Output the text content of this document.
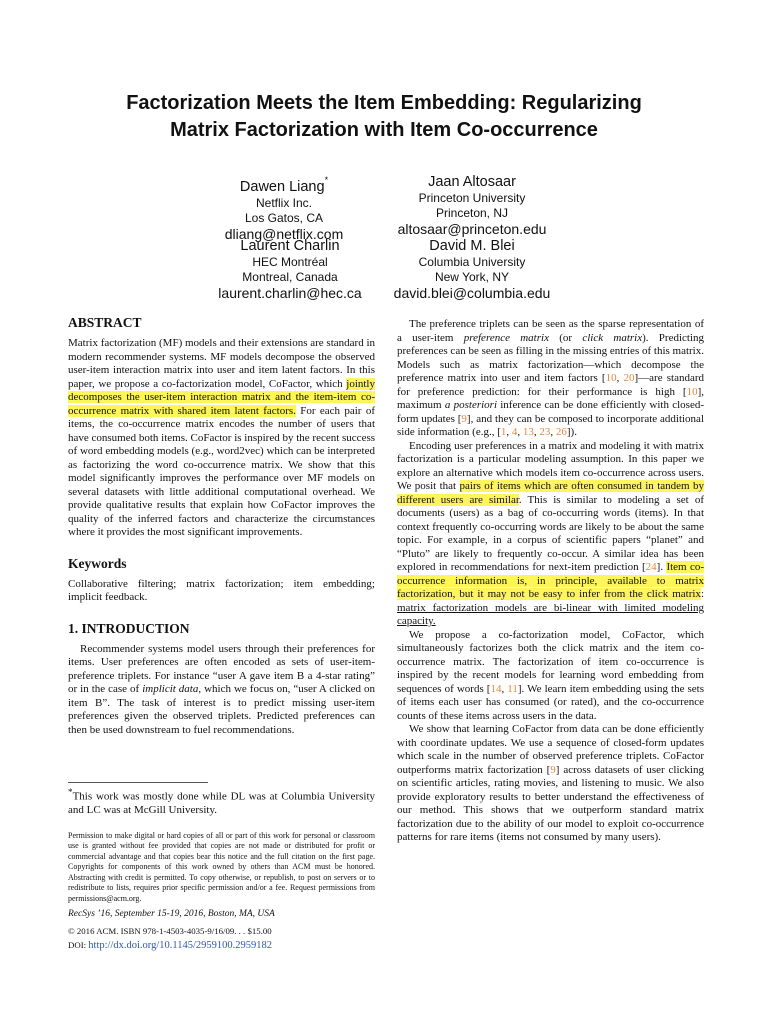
Factorization Meets the Item Embedding: Regularizing
Matrix Factorization with Item Co-occurrence
Dawen Liang*
Netflix Inc.
Los Gatos, CA
dliang@netflix.com
Jaan Altosaar
Princeton University
Princeton, NJ
altosaar@princeton.edu
Laurent Charlin
HEC Montréal
Montreal, Canada
laurent.charlin@hec.ca
David M. Blei
Columbia University
New York, NY
david.blei@columbia.edu

ABSTRACT

Matrix factorization (MF) models and their extensions are standard in modern recommender systems. MF models decompose the observed user-item interaction matrix into user and item latent factors. In this paper, we propose a co-factorization model, CoFactor, which jointly decomposes the user-item interaction matrix and the item-item co-occurrence matrix with shared item latent factors. For each pair of items, the co-occurrence matrix encodes the number of users that have consumed both items. CoFactor is inspired by the recent success of word embedding models (e.g., word2vec) which can be interpreted as factorizing the word co-occurrence matrix. We show that this model significantly improves the performance over MF models on several datasets with little additional computational overhead. We provide qualitative results that explain how CoFactor improves the quality of the inferred factors and characterize the circumstances where it provides the most significant improvements.

Keywords

Collaborative filtering; matrix factorization; item embedding; implicit feedback.

1. INTRODUCTION

Recommender systems model users through their preferences for items. User preferences are often encoded as sets of user-item-preference triplets. For instance “user A gave item B a 4-star rating” or in the case of implicit data, which we focus on, “user A clicked on item B”. The task of interest is to predict missing user-item preferences given the observed triplets. Predicted preferences can then be used downstream to fuel recommendations.

*This work was mostly done while DL was at Columbia University and LC was at McGill University.

Permission to make digital or hard copies of all or part of this work for personal or classroom use is granted without fee provided that copies are not made or distributed for profit or commercial advantage and that copies bear this notice and the full citation on the first page. Copyrights for components of this work owned by others than ACM must be honored. Abstracting with credit is permitted. To copy otherwise, or republish, to post on servers or to redistribute to lists, requires prior specific permission and/or a fee. Request permissions from permissions@acm.org.

RecSys ’16, September 15-19, 2016, Boston, MA, USA

© 2016 ACM. ISBN 978-1-4503-4035-9/16/09. . . $15.00

DOI: http://dx.doi.org/10.1145/2959100.2959182

The preference triplets can be seen as the sparse representation of a user-item preference matrix (or click matrix). Predicting preferences can be seen as filling in the missing entries of this matrix. Models such as matrix factorization—which decompose the preference matrix into user and item factors [10, 20]—are standard for preference prediction: for their performance is high [10], maximum a posteriori inference can be done efficiently with closed-form updates [9], and they can be composed to incorporate additional side information (e.g., [1, 4, 13, 23, 26]).

Encoding user preferences in a matrix and modeling it with matrix factorization is a particular modeling assumption. In this paper we explore an alternative which models item co-occurrence across users. We posit that pairs of items which are often consumed in tandem by different users are similar. This is similar to modeling a set of documents (users) as a bag of co-occurring words (items). In that context frequently co-occurring words are likely to be about the same topic. For example, in a corpus of scientific papers “planet” and “Pluto” are likely to frequently co-occur. A similar idea has been explored in recommendations for next-item prediction [24]. Item co-occurrence information is, in principle, available to matrix factorization, but it may not be easy to infer from the click matrix: matrix factorization models are bi-linear with limited modeling capacity.

We propose a co-factorization model, CoFactor, which simultaneously factorizes both the click matrix and the item co-occurrence matrix. The factorization of item co-occurrence is inspired by the recent models for learning word embedding from sequences of words [14, 11]. We learn item embedding using the sets of items each user has consumed (or rated), and the co-occurrence counts of these items across users in the data.

We show that learning CoFactor from data can be done efficiently with coordinate updates. We use a sequence of closed-form updates which scale in the number of observed preference triplets. CoFactor outperforms matrix factorization [9] across datasets of user clicking on scientific articles, rating movies, and listening to music. We also provide exploratory results to better understand the effectiveness of our method. This shows that we outperform standard matrix factorization due to the ability of our model to exploit co-occurrence patterns for rare items (items not consumed by many users).
